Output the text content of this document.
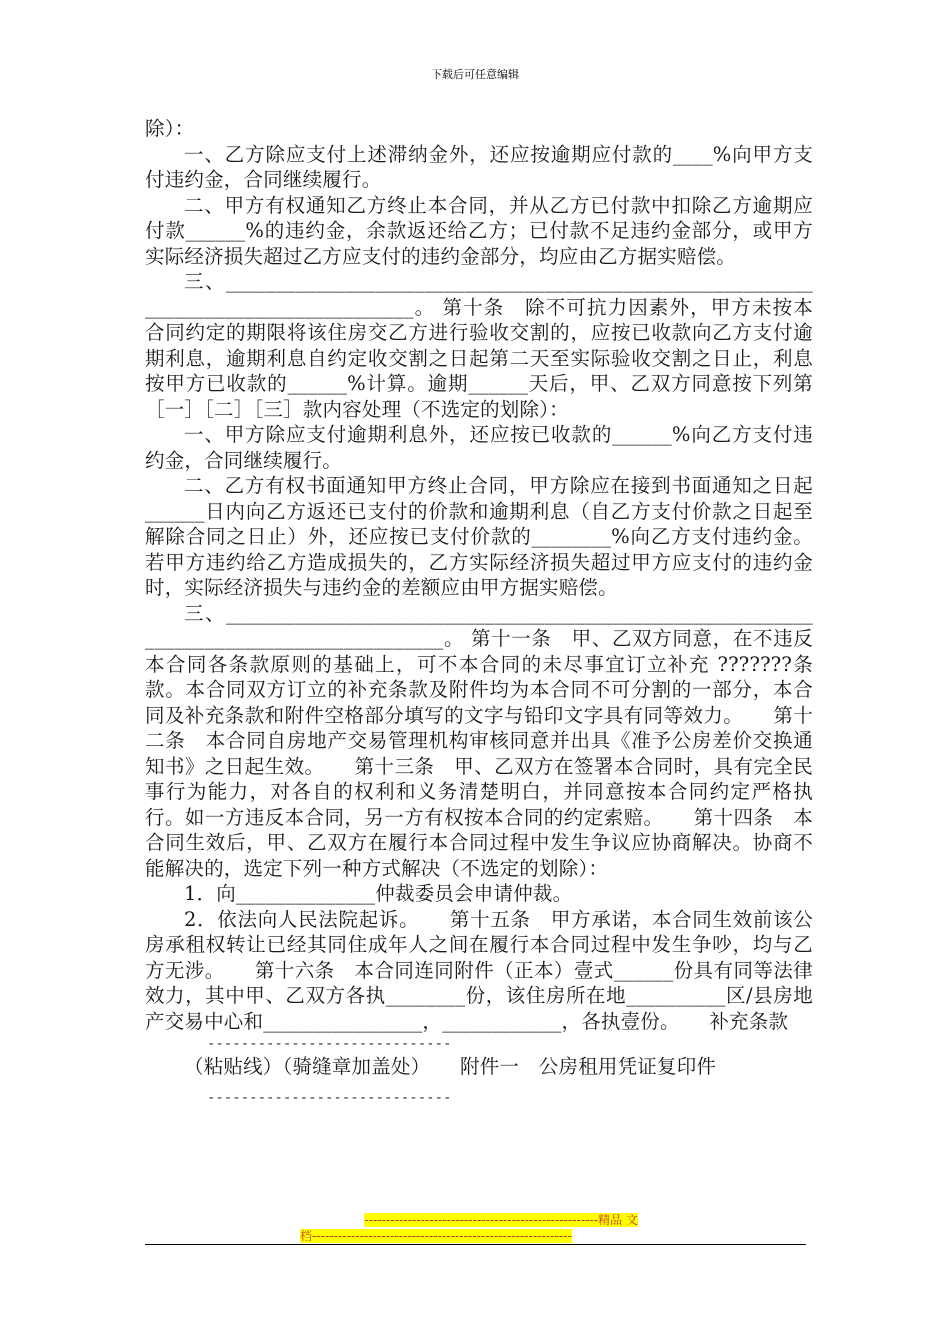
下载后可任意编辑

除）：

一、乙方除应支付上述滞纳金外，还应按逾期应付款的____%向甲方支付违约金，合同继续履行。

二、甲方有权通知乙方终止本合同，并从乙方已付款中扣除乙方逾期应付款______%的违约金，余款返还给乙方；已付款不足违约金部分，或甲方实际经济损失超过乙方应支付的违约金部分，均应由乙方据实赔偿。

三、______________________________________________________________________________________。 第十条　除不可抗力因素外，甲方未按本合同约定的期限将该住房交乙方进行验收交割的，应按已收款向乙方支付逾期利息，逾期利息自约定收交割之日起第二天至实际验收交割之日止，利息按甲方已收款的______%计算。逾期______天后，甲、乙双方同意按下列第［一］［二］［三］款内容处理（不选定的划除）：

一、甲方除应支付逾期利息外，还应按已收款的______%向乙方支付违约金，合同继续履行。

二、乙方有权书面通知甲方终止合同，甲方除应在接到书面通知之日起______日内向乙方返还已支付的价款和逾期利息（自乙方支付价款之日起至解除合同之日止）外，还应按已支付价款的________%向乙方支付违约金。若甲方违约给乙方造成损失的，乙方实际经济损失超过甲方应支付的违约金时，实际经济损失与违约金的差额应由甲方据实赔偿。

三、_________________________________________________________________________________________。 第十一条　甲、乙双方同意，在不违反本合同各条款原则的基础上，可不本合同的未尽事宜订立补充 ???????条款。本合同双方订立的补充条款及附件均为本合同不可分割的一部分，本合同及补充条款和附件空格部分填写的文字与铅印文字具有同等效力。　　第十二条　本合同自房地产交易管理机构审核同意并出具《准予公房差价交换通知书》之日起生效。　　第十三条　甲、乙双方在签署本合同时，具有完全民事行为能力，对各自的权利和义务清楚明白，并同意按本合同约定严格执行。如一方违反本合同，另一方有权按本合同的约定索赔。　　第十四条　本合同生效后，甲、乙双方在履行本合同过程中发生争议应协商解决。协商不能解决的，选定下列一种方式解决（不选定的划除）：

1．向______________仲裁委员会申请仲裁。

2．依法向人民法院起诉。　　第十五条　甲方承诺，本合同生效前该公房承租权转让已经其同住成年人之间在履行本合同过程中发生争吵，均与乙方无涉。　　第十六条　本合同连同附件（正本）壹式______份具有同等法律效力，其中甲、乙双方各执________份，该住房所在地__________区/县房地产交易中心和________________，____________，各执壹份。　　补充条款

-----------------------------

（粘贴线）（骑缝章加盖处）　　附件一　公房租用凭证复印件

-----------------------------
------------------------------------------------------精品 文
档------------------------------------------------------------
